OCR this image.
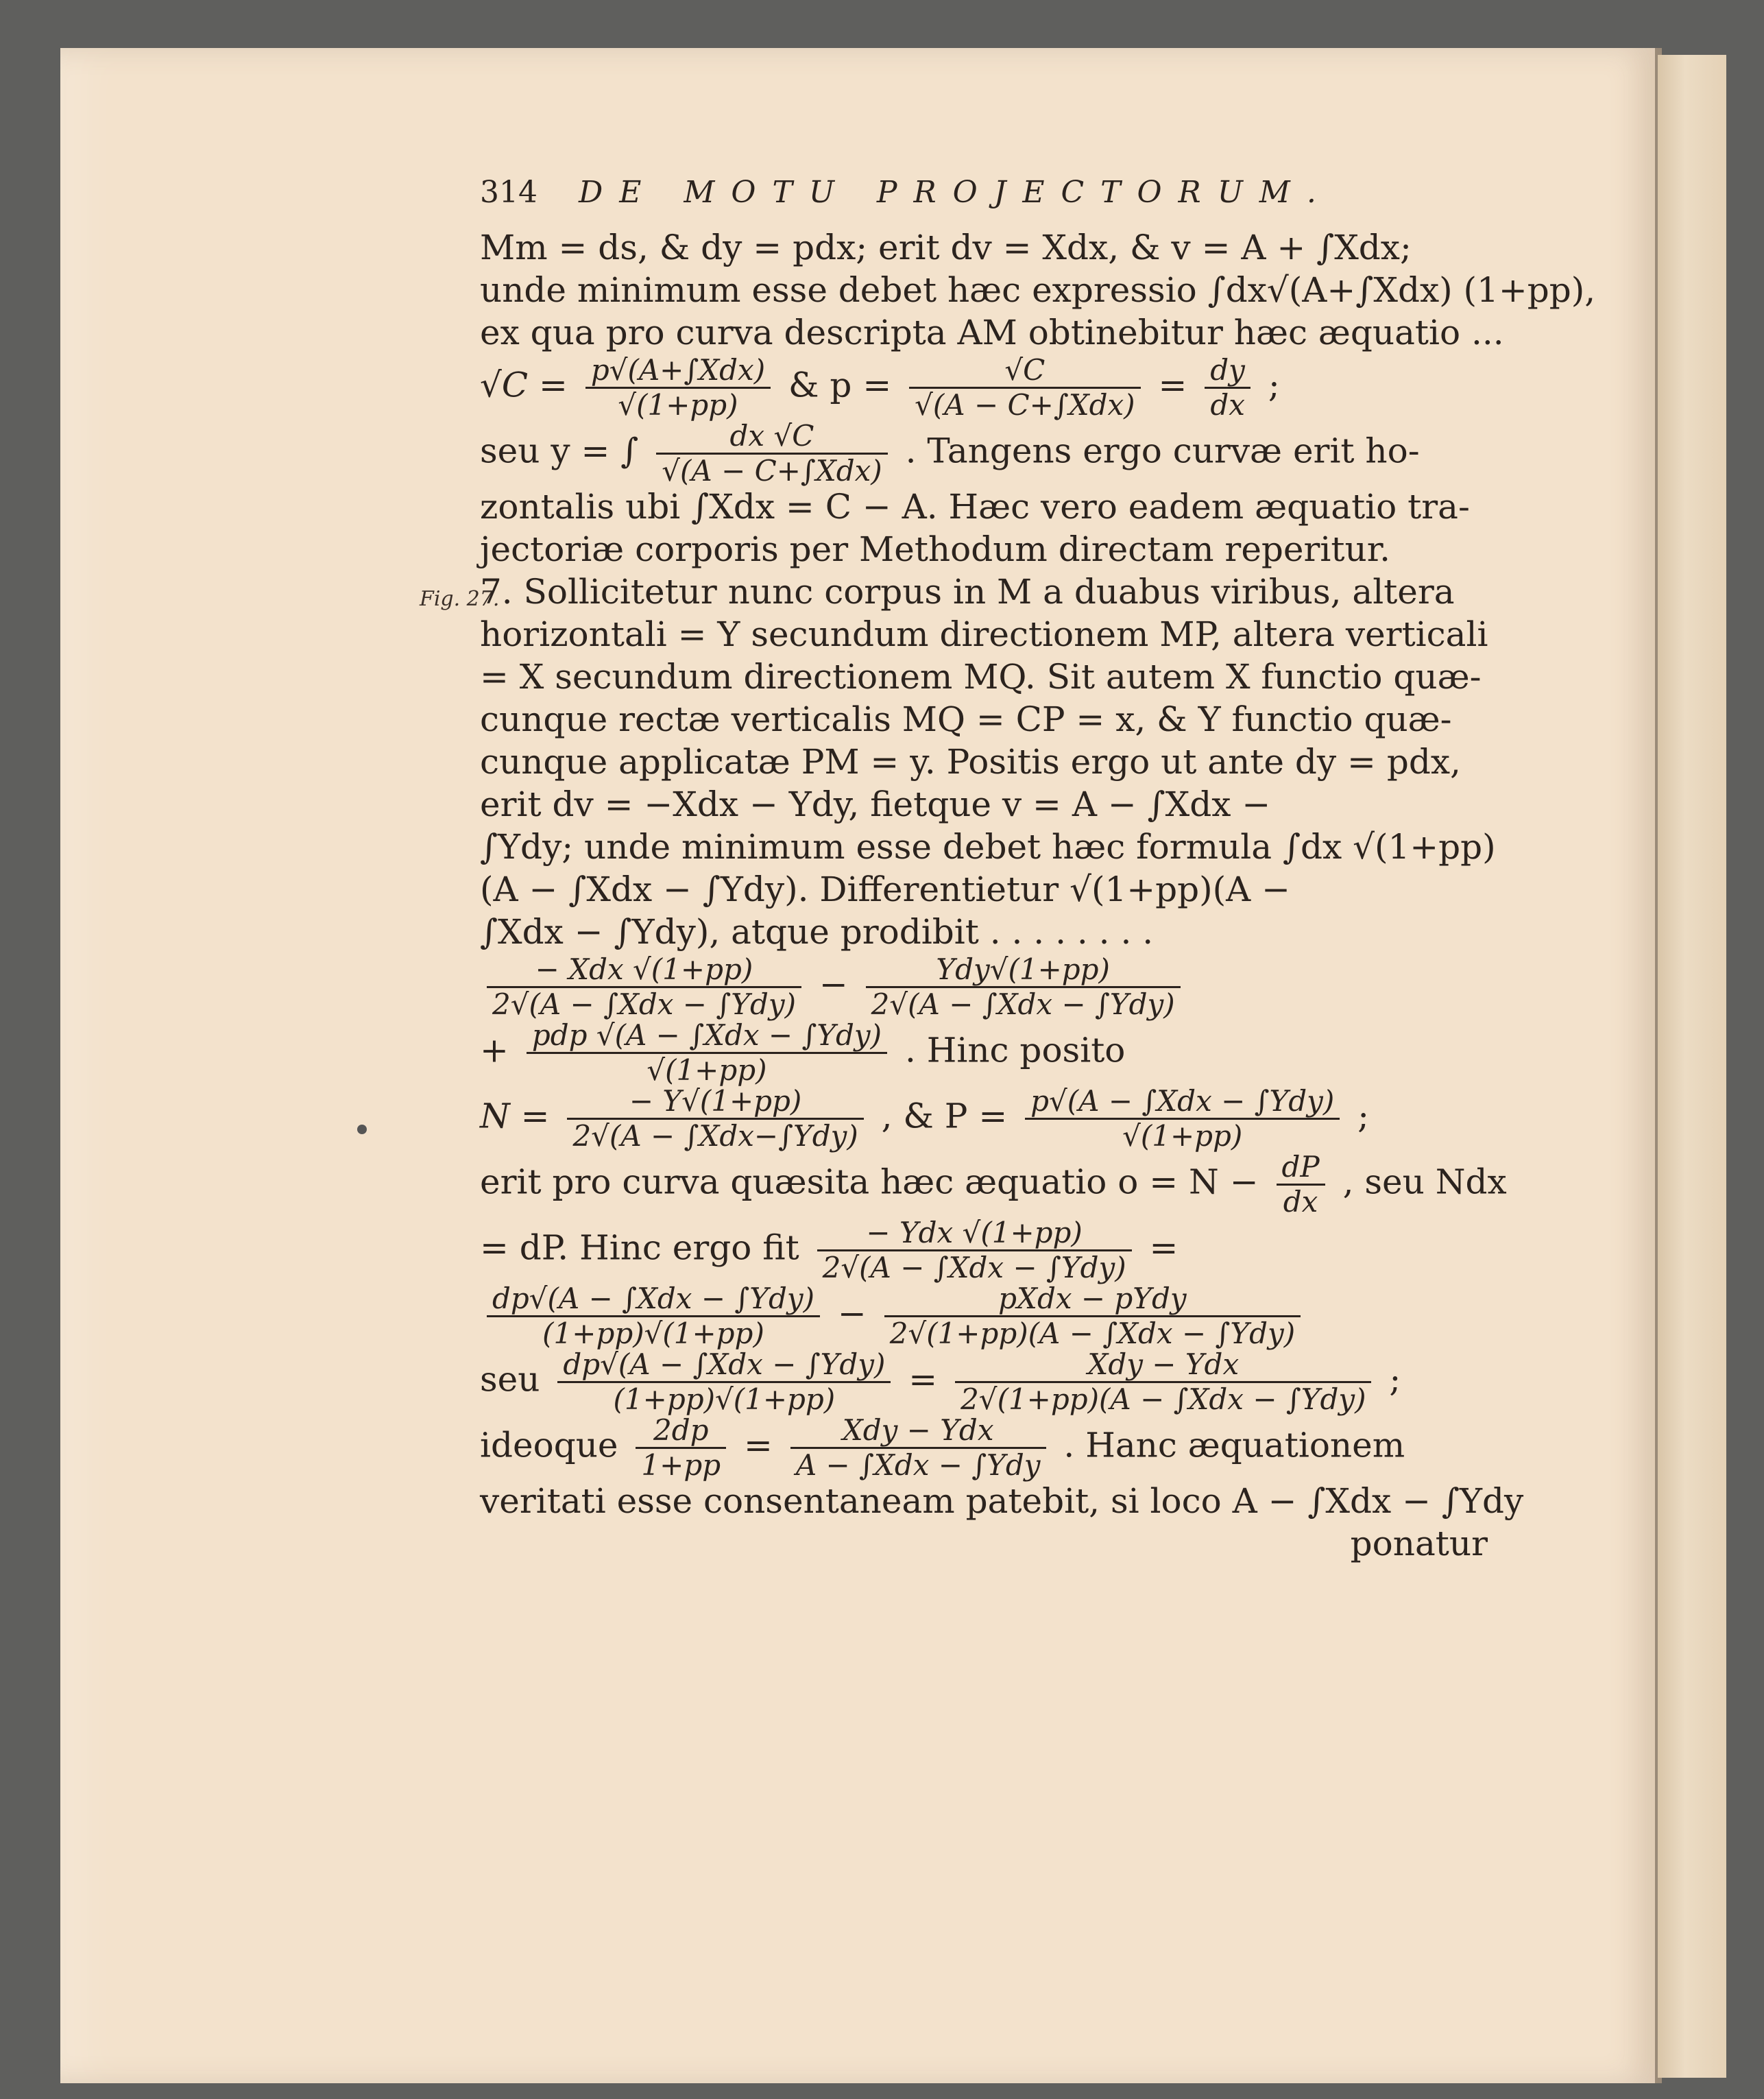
Fig. 27.
314 DE MOTU PROJECTORUM.
Mm = ds, & dy = pdx; erit dv = Xdx, & v = A + ∫Xdx;
unde minimum esse debet hæc expressio ∫dx√(A+∫Xdx) (1+pp),
ex qua pro curva descripta AM obtinebitur hæc æquatio ...
$√C = \frac{\text{p√(A+∫Xdx)}}{√(1+pp)}$ & $p = \frac{√C}{\text{√(A − C+∫Xdx)}} = \frac{dy}{dx}$ ;
seu y = ∫ $\frac{dx √C}{\text{√(A − C+∫Xdx)}}$ . Tangens ergo curvæ erit ho-
zontalis ubi ∫Xdx = C − A. Hæc vero eadem æquatio tra-
jectoriæ corporis per Methodum directam reperitur.
7. Sollicitetur nunc corpus in M a duabus viribus, altera
horizontali = Y secundum directionem MP, altera verticali
= X secundum directionem MQ. Sit autem X functio quæ-
cunque rectæ verticalis MQ = CP = x, & Y functio quæ-
cunque applicatæ PM = y. Positis ergo ut ante dy = pdx,
erit dv = −Xdx − Ydy, fietque v = A − ∫Xdx −
∫Ydy; unde minimum esse debet hæc formula ∫dx √(1+pp)
(A − ∫Xdx − ∫Ydy). Differentietur √(1+pp)(A −
∫Xdx − ∫Ydy), atque prodibit . . . . . . . .
$\frac{\text{− Xdx √(1+pp)}}{\text{2√(A − ∫Xdx − ∫Ydy)}} - \frac{\text{Ydy√(1+pp)}}{\text{2√(A − ∫Xdx − ∫Ydy)}}$
+ $\frac{\text{pdp √(A − ∫Xdx − ∫Ydy)}}{√(1+pp)}$ . Hinc posito
$N = \frac{- Y√(1+pp)}{\text{2√(A − ∫Xdx−∫Ydy)}}$ , & $P = \frac{\text{p√(A − ∫Xdx − ∫Ydy)}}{√(1+pp)}$ ;
erit pro curva quæsita hæc æquatio $o = N - \frac{dP}{dx}$ , seu Ndx
= dP. Hinc ergo fit $\frac{\text{− Ydx √(1+pp)}}{\text{2√(A − ∫Xdx − ∫Ydy)}}$ =
$\frac{\text{dp√(A − ∫Xdx − ∫Ydy)}}{(1+pp)√(1+pp)} - \frac{\text{pXdx − pYdy}}{\text{2√(1+pp)(A − ∫Xdx − ∫Ydy)}}$
seu $\frac{\text{dp√(A − ∫Xdx − ∫Ydy)}}{(1+pp)√(1+pp)} = \frac{\text{Xdy − Ydx}}{\text{2√(1+pp)(A − ∫Xdx − ∫Ydy)}}$ ;
ideoque $\frac{2dp}{1+pp} = \frac{\text{Xdy − Ydx}}{\text{A − ∫Xdx − ∫Ydy}}$ . Hanc æquationem
veritati esse consentaneam patebit, si loco A − ∫Xdx − ∫Ydy
ponatur
